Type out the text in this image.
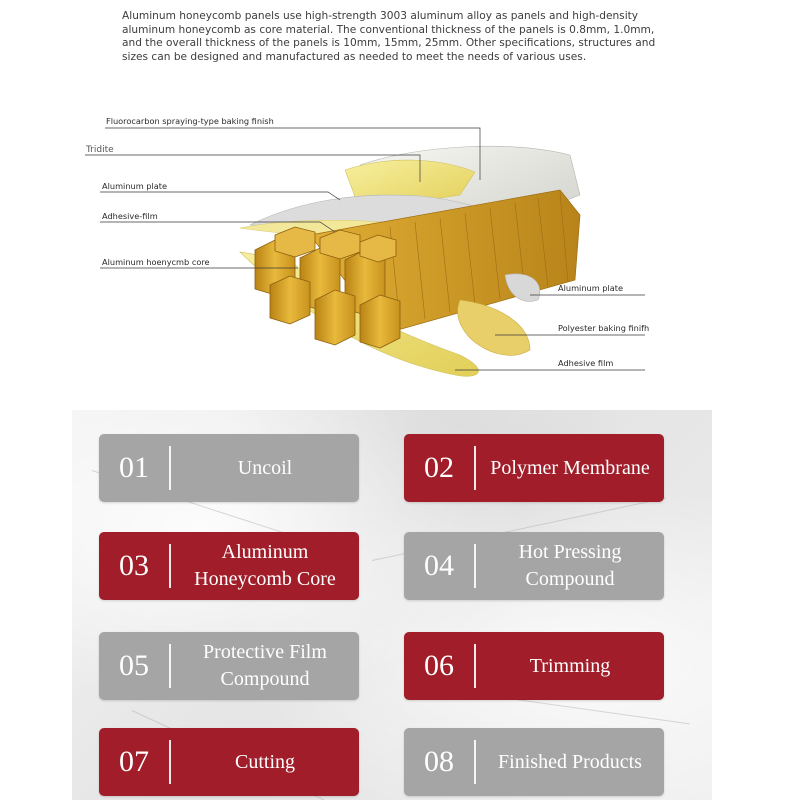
Aluminum honeycomb panels use high-strength 3003 aluminum alloy as panels and high-density aluminum honeycomb as core material. The conventional thickness of the panels is 0.8mm, 1.0mm, and the overall thickness of the panels is 10mm, 15mm, 25mm. Other specifications, structures and sizes can be designed and manufactured as needed to meet the needs of various uses.

Fluorocarbon spraying-type baking finish
Tridite
Aluminum plate
Adhesive-film
Aluminum hoenycmb core
Aluminum plate
Polyester baking finifh
Adhesive film
01	Uncoil	02	Polymer Membrane
03	Aluminum Honeycomb Core	04	Hot Pressing Compound
05	Protective Film Compound	06	Trimming
07	Cutting	08	Finished Products
